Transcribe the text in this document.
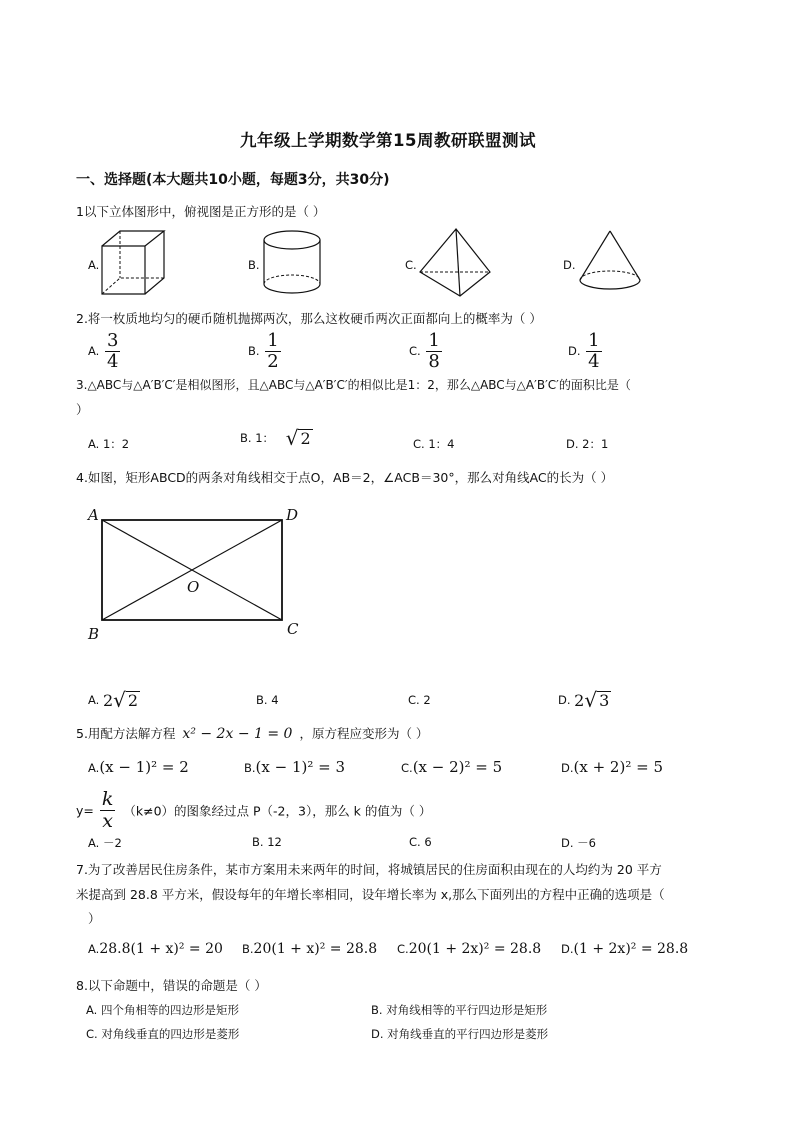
九年级上学期数学第15周教研联盟测试
一、选择题(本大题共10小题，每题3分，共30分)
1以下立体图形中，俯视图是正方形的是（ ）
A.	B.	C.	D.
2.将一枚质地均匀的硬币随机抛掷两次，那么这枚硬币两次正面都向上的概率为（ ）
A. $\frac{3}{4}$	B. $\frac{1}{2}$	C. $\frac{1}{8}$	D. $\frac{1}{4}$
3.△ABC与△A′B′C′是相似图形，且△ABC与△A′B′C′的相似比是1：2，那么△ABC与△A′B′C′的面积比是（
）
A. 1：2	B. 1： √ 2	C. 1：4	D. 2：1
4.如图，矩形ABCD的两条对角线相交于点O，AB＝2，∠ACB＝30°，那么对角线AC的长为（ ）
A	D
B	C
O
A. 2 √ 2	B. 4	C. 2	D. 2 √ 3
5.用配方法解方程 x² − 2x − 1 = 0 ，原方程应变形为（ ）
A.(x − 1)² = 2	B.(x − 1)² = 3	C.(x − 2)² = 5	D.(x + 2)² = 5
$y= \frac{k}{x} (k\ne 0)$的图象经过点 P（-2，3），那么 k 的值为（ ）
A. －2	B. 12	C. 6	D. －6
7.为了改善居民住房条件，某市方案用未来两年的时间，将城镇居民的住房面积由现在的人均约为 20 平方
米提高到 28.8 平方米，假设每年的年增长率相同，设年增长率为 x,那么下面列出的方程中正确的选项是（
）
A.28.8(1 + x)² = 20 B.20(1 + x)² = 28.8 C.20(1 + 2x)² = 28.8 D.(1 + 2x)² = 28.8
8.以下命题中，错误的命题是（ ）
A. 四个角相等的四边形是矩形	B. 对角线相等的平行四边形是矩形
C. 对角线垂直的四边形是菱形	D. 对角线垂直的平行四边形是菱形
